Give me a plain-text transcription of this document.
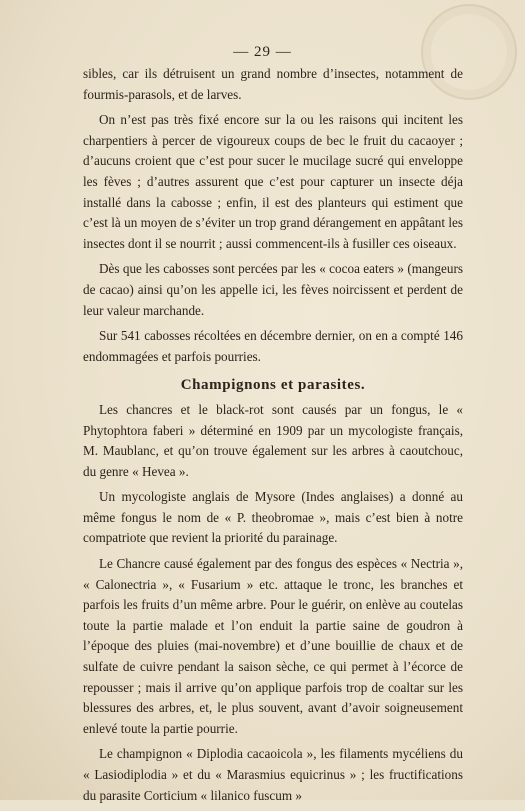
— 29 —

sibles, car ils détruisent un grand nombre d’insectes, notamment de fourmis-parasols, et de larves.

On n’est pas très fixé encore sur la ou les raisons qui incitent les charpentiers à percer de vigoureux coups de bec le fruit du cacaoyer ; d’aucuns croient que c’est pour sucer le mucilage sucré qui enveloppe les fèves ; d’autres assurent que c’est pour capturer un insecte déja installé dans la cabosse ; enfin, il est des planteurs qui estiment que c’est là un moyen de s’éviter un trop grand dérangement en appâtant les insectes dont il se nourrit ; aussi commencent-ils à fusiller ces oiseaux.

Dès que les cabosses sont percées par les « cocoa eaters » (mangeurs de cacao) ainsi qu’on les appelle ici, les fèves noircissent et perdent de leur valeur marchande.

Sur 541 cabosses récoltées en décembre dernier, on en a compté 146 endommagées et parfois pourries.

Champignons et parasites.

Les chancres et le black-rot sont causés par un fongus, le « Phytophtora faberi » déterminé en 1909 par un mycologiste français, M. Maublanc, et qu’on trouve également sur les arbres à caoutchouc, du genre « Hevea ».

Un mycologiste anglais de Mysore (Indes anglaises) a donné au même fongus le nom de « P. theobromae », mais c’est bien à notre compatriote que revient la priorité du parainage.

Le Chancre causé également par des fongus des espèces « Nectria », « Calonectria », « Fusarium » etc. attaque le tronc, les branches et parfois les fruits d’un même arbre. Pour le guérir, on enlève au coutelas toute la partie malade et l’on enduit la partie saine de goudron à l’époque des pluies (mai-novembre) et d’une bouillie de chaux et de sulfate de cuivre pendant la saison sèche, ce qui permet à l’écorce de repousser ; mais il arrive qu’on applique parfois trop de coaltar sur les blessures des arbres, et, le plus souvent, avant d’avoir soigneusement enlevé toute la partie pourrie.

Le champignon « Diplodia cacaoicola », les filaments mycéliens du « Lasiodiplodia » et du « Marasmius equicrinus » ; les fructifications du parasite Corticium « lilanico fuscum »
